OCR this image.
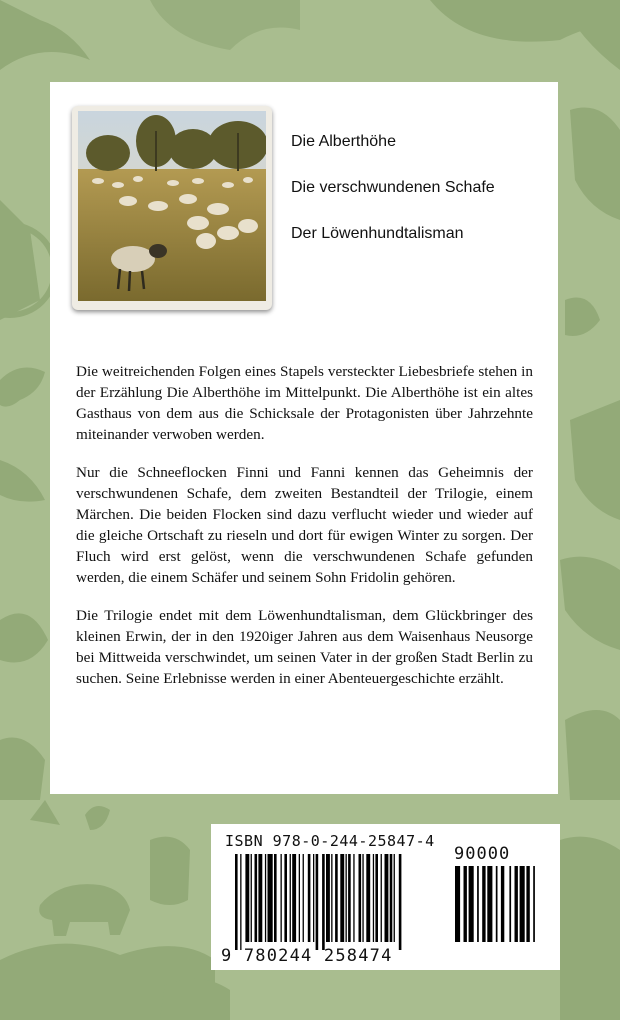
Die Alberthöhe
Die verschwundenen Schafe
Der Löwenhundtalisman

Die weitreichenden Folgen eines Stapels versteckter Liebesbriefe stehen in der Erzählung Die Alberthöhe im Mittelpunkt. Die Alberthöhe ist ein altes Gasthaus von dem aus die Schicksale der Protagonisten über Jahrzehnte miteinander verwoben werden.

Nur die Schneeflocken Finni und Fanni kennen das Geheimnis der verschwundenen Schafe, dem zweiten Bestandteil der Trilogie, einem Märchen. Die beiden Flocken sind dazu verflucht wieder und wieder auf die gleiche Ortschaft zu rieseln und dort für ewigen Winter zu sorgen. Der Fluch wird erst gelöst, wenn die verschwundenen Schafe gefunden werden, die einem Schäfer und seinem Sohn Fridolin gehören.

Die Trilogie endet mit dem Löwenhundtalisman, dem Glückbringer des kleinen Erwin, der in den 1920iger Jahren aus dem Waisenhaus Neusorge bei Mittweida verschwindet, um seinen Vater in der großen Stadt Berlin zu suchen. Seine Erlebnisse werden in einer Abenteuergeschichte erzählt.

ISBN 978-0-244-25847-4
90000
9 780244 258474
